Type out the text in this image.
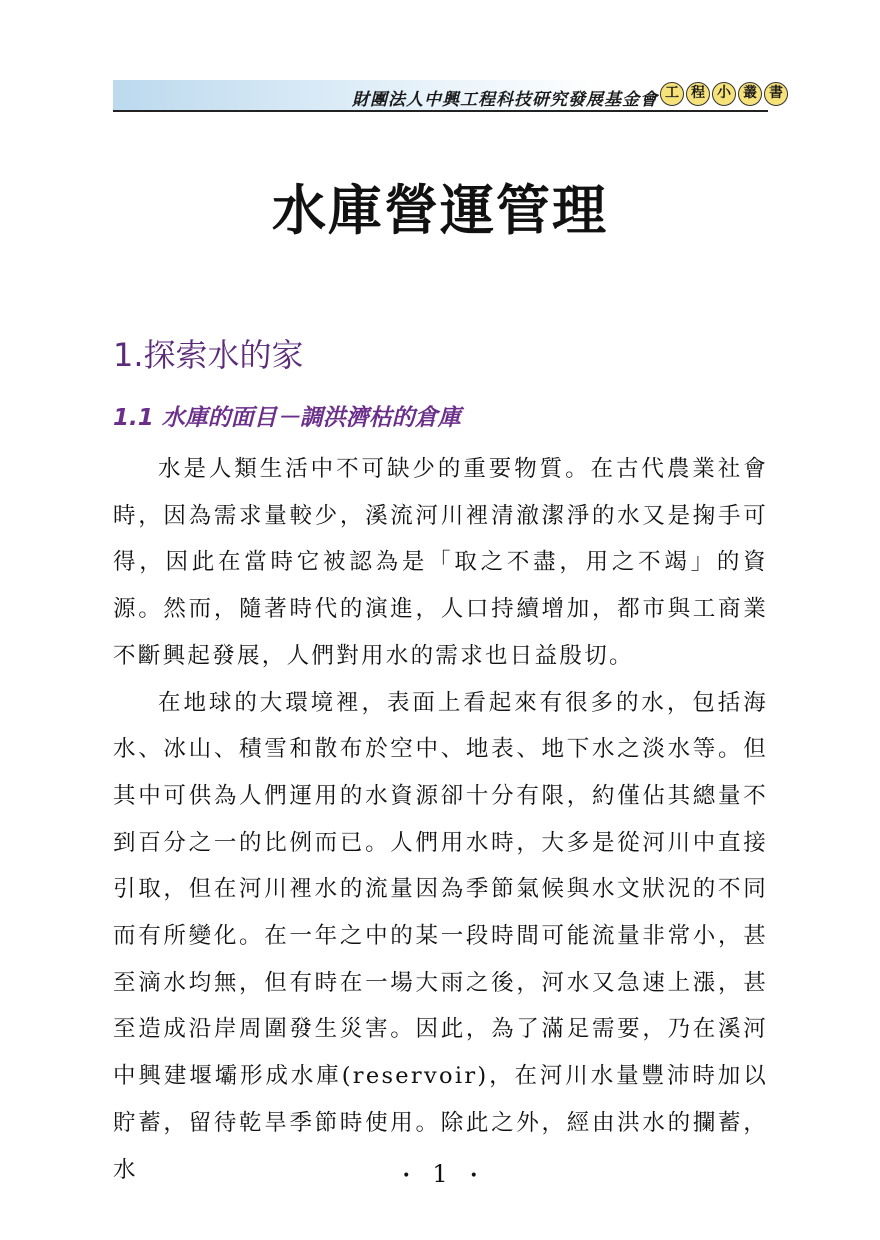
財團法人中興工程科技研究發展基金會 工 程 小 叢 書
水庫營運管理
1.探索水的家
1.1 水庫的面目－調洪濟枯的倉庫

水是人類生活中不可缺少的重要物質。在古代農業社會時，因為需求量較少，溪流河川裡清澈潔淨的水又是掬手可得，因此在當時它被認為是「取之不盡，用之不竭」的資源。然而，隨著時代的演進，人口持續增加，都市與工商業不斷興起發展，人們對用水的需求也日益殷切。

在地球的大環境裡，表面上看起來有很多的水，包括海水、冰山、積雪和散布於空中、地表、地下水之淡水等。但其中可供為人們運用的水資源卻十分有限，約僅佔其總量不到百分之一的比例而已。人們用水時，大多是從河川中直接引取，但在河川裡水的流量因為季節氣候與水文狀況的不同而有所變化。在一年之中的某一段時間可能流量非常小，甚至滴水均無，但有時在一場大雨之後，河水又急速上漲，甚至造成沿岸周圍發生災害。因此，為了滿足需要，乃在溪河中興建堰壩形成水庫(reservoir)，在河川水量豐沛時加以貯蓄，留待乾旱季節時使用。除此之外，經由洪水的攔蓄，水	• 1 •
